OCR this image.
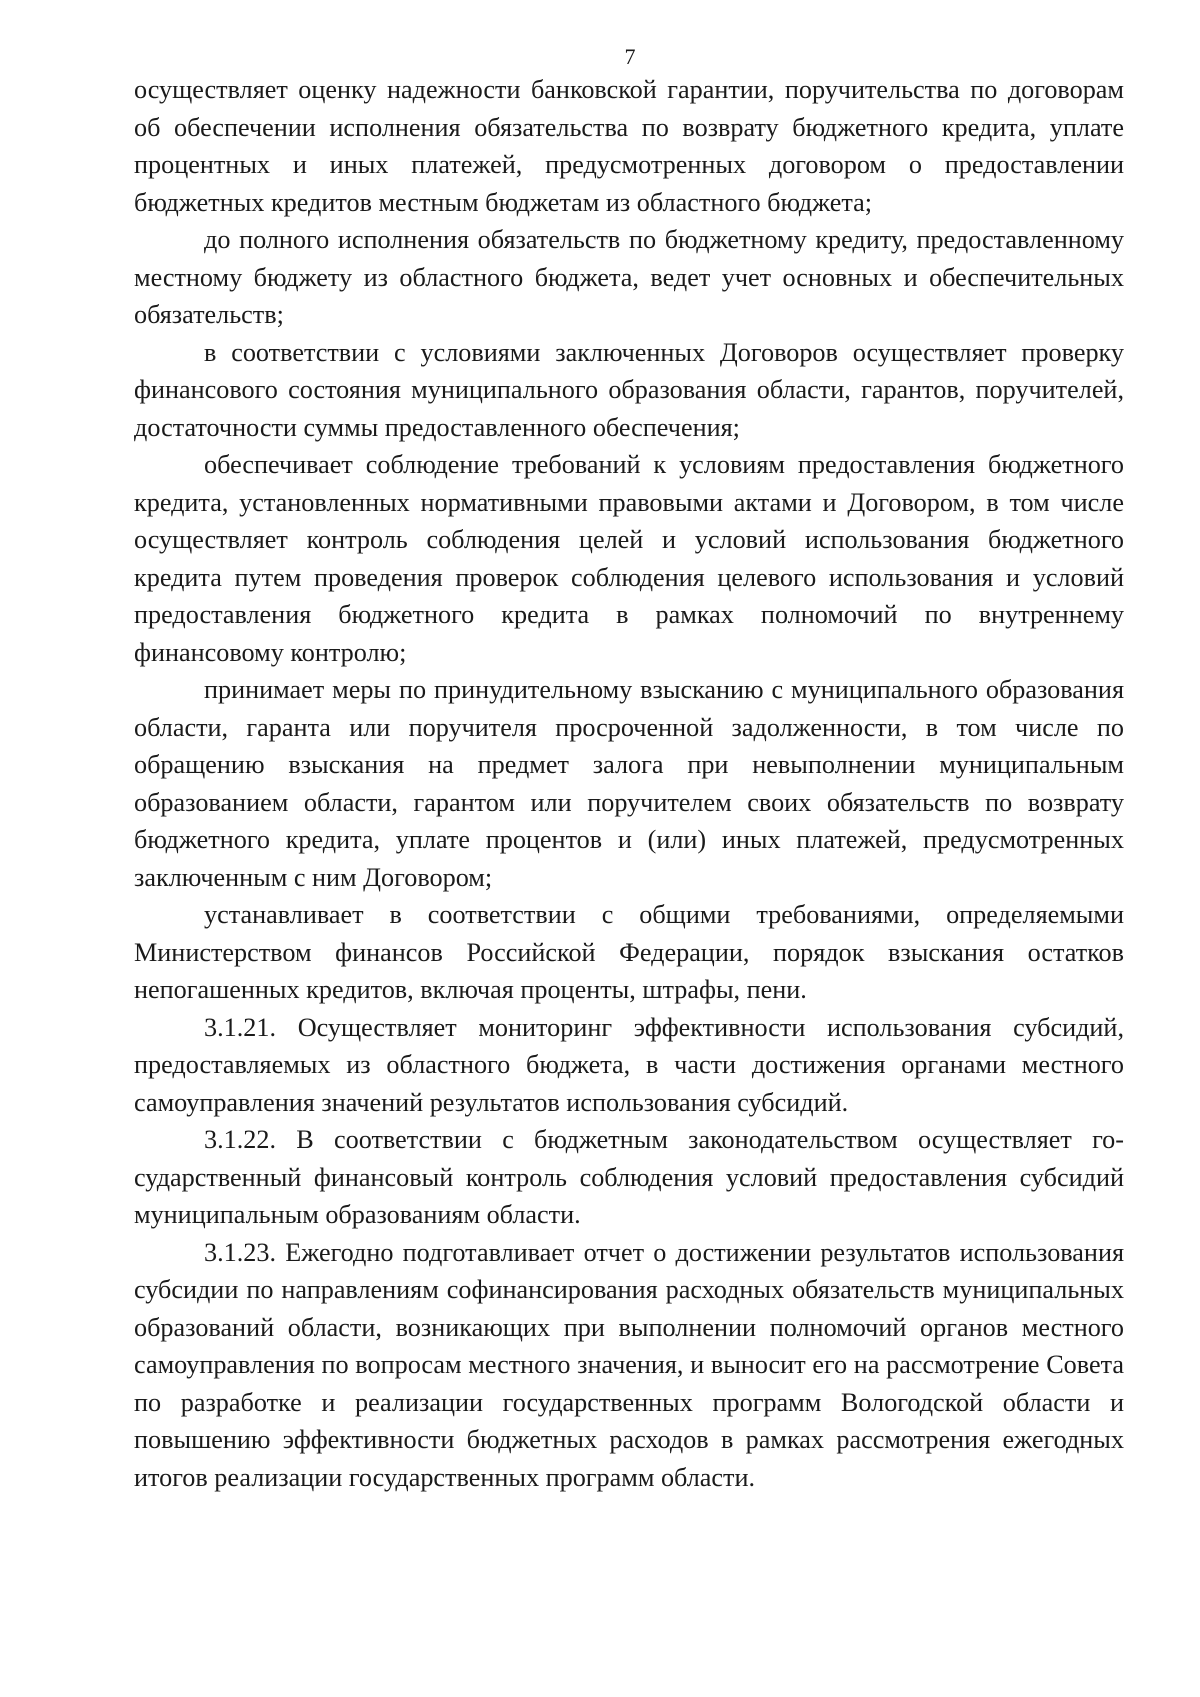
7

осуществляет оценку надежности банковской гарантии, поручительства по договорам об обеспечении исполнения обязательства по возврату бюджетного кредита, уплате процентных и иных платежей, предусмотренных договором о предоставлении бюджетных кредитов местным бюджетам из областного бюджета;

до полного исполнения обязательств по бюджетному кредиту, предоставленному местному бюджету из областного бюджета, ведет учет основных и обеспечительных обязательств;

в соответствии с условиями заключенных Договоров осуществляет проверку финансового состояния муниципального образования области, гарантов, поручителей, достаточности суммы предоставленного обеспечения;

обеспечивает соблюдение требований к условиям предоставления бюджетного кредита, установленных нормативными правовыми актами и Договором, в том числе осуществляет контроль соблюдения целей и условий использования бюджетного кредита путем проведения проверок соблюдения целевого использования и условий предоставления бюджетного кредита в рамках полномочий по внутреннему финансовому контролю;

принимает меры по принудительному взысканию с муниципального образования области, гаранта или поручителя просроченной задолженности, в том числе по обращению взыскания на предмет залога при невыполнении муниципальным образованием области, гарантом или поручителем своих обязательств по возврату бюджетного кредита, уплате процентов и (или) иных платежей, предусмотренных заключенным с ним Договором;

устанавливает в соответствии с общими требованиями, определяемыми Министерством финансов Российской Федерации, порядок взыскания остатков непогашенных кредитов, включая проценты, штрафы, пени.

3.1.21. Осуществляет мониторинг эффективности использования субсидий, предоставляемых из областного бюджета, в части достижения органами местного самоуправления значений результатов использования субсидий.

3.1.22. В соответствии с бюджетным законодательством осуществляет государственный финансовый контроль соблюдения условий предоставления субсидий муниципальным образованиям области.

3.1.23. Ежегодно подготавливает отчет о достижении результатов использования субсидии по направлениям софинансирования расходных обязательств муниципальных образований области, возникающих при выполнении полномочий органов местного самоуправления по вопросам местного значения, и выносит его на рассмотрение Совета по разработке и реализации государственных программ Вологодской области и повышению эффективности бюджетных расходов в рамках рассмотрения ежегодных итогов реализации государственных программ области.
